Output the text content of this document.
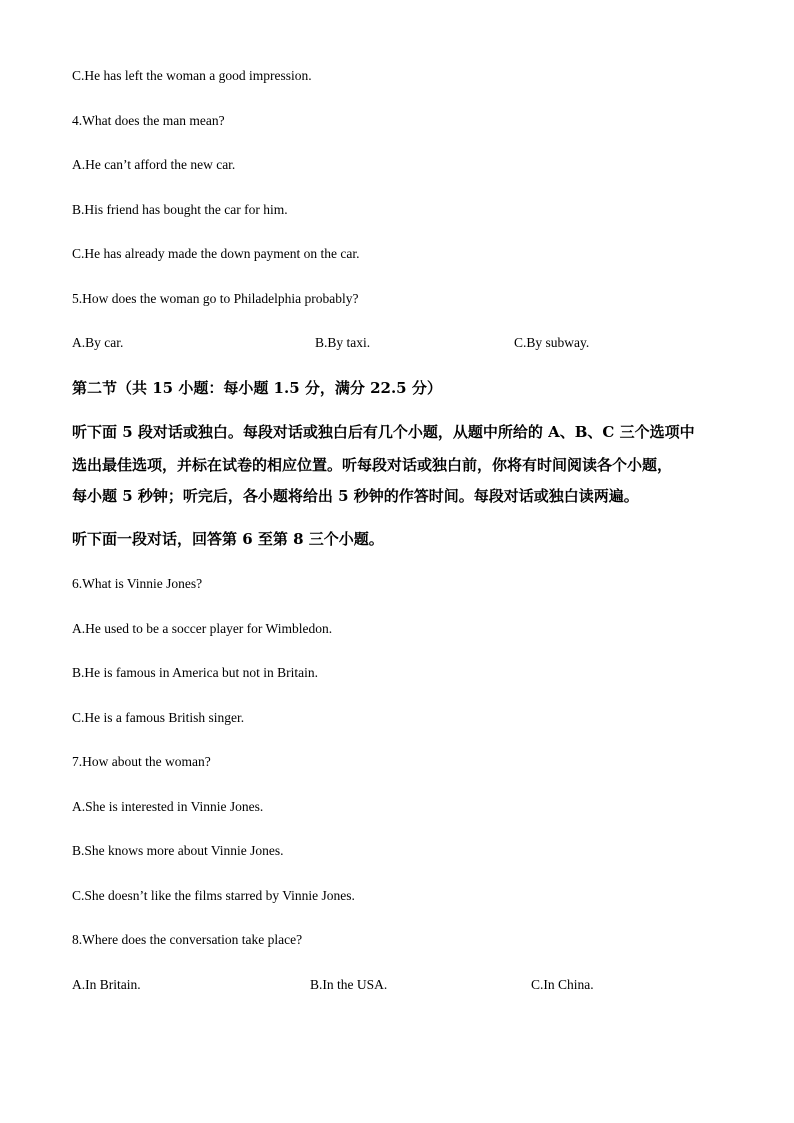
C.He has left the woman a good impression.
4.What does the man mean?
A.He can’t afford the new car.
B.His friend has bought the car for him.
C.He has already made the down payment on the car.
5.How does the woman go to Philadelphia probably?
A.By car.	B.By taxi.	C.By subway.
第二节（共 15 小题：每小题 1.5 分，满分 22.5 分）
听下面 5 段对话或独白。每段对话或独白后有几个小题，从题中所给的 A、B、C 三个选项中
选出最佳选项，并标在试卷的相应位置。听每段对话或独白前，你将有时间阅读各个小题，
每小题 5 秒钟；听完后，各小题将给出 5 秒钟的作答时间。每段对话或独白读两遍。
听下面一段对话，回答第 6 至第 8 三个小题。
6.What is Vinnie Jones?
A.He used to be a soccer player for Wimbledon.
B.He is famous in America but not in Britain.
C.He is a famous British singer.
7.How about the woman?
A.She is interested in Vinnie Jones.
B.She knows more about Vinnie Jones.
C.She doesn’t like the films starred by Vinnie Jones.
8.Where does the conversation take place?
A.In Britain.	B.In the USA.	C.In China.
